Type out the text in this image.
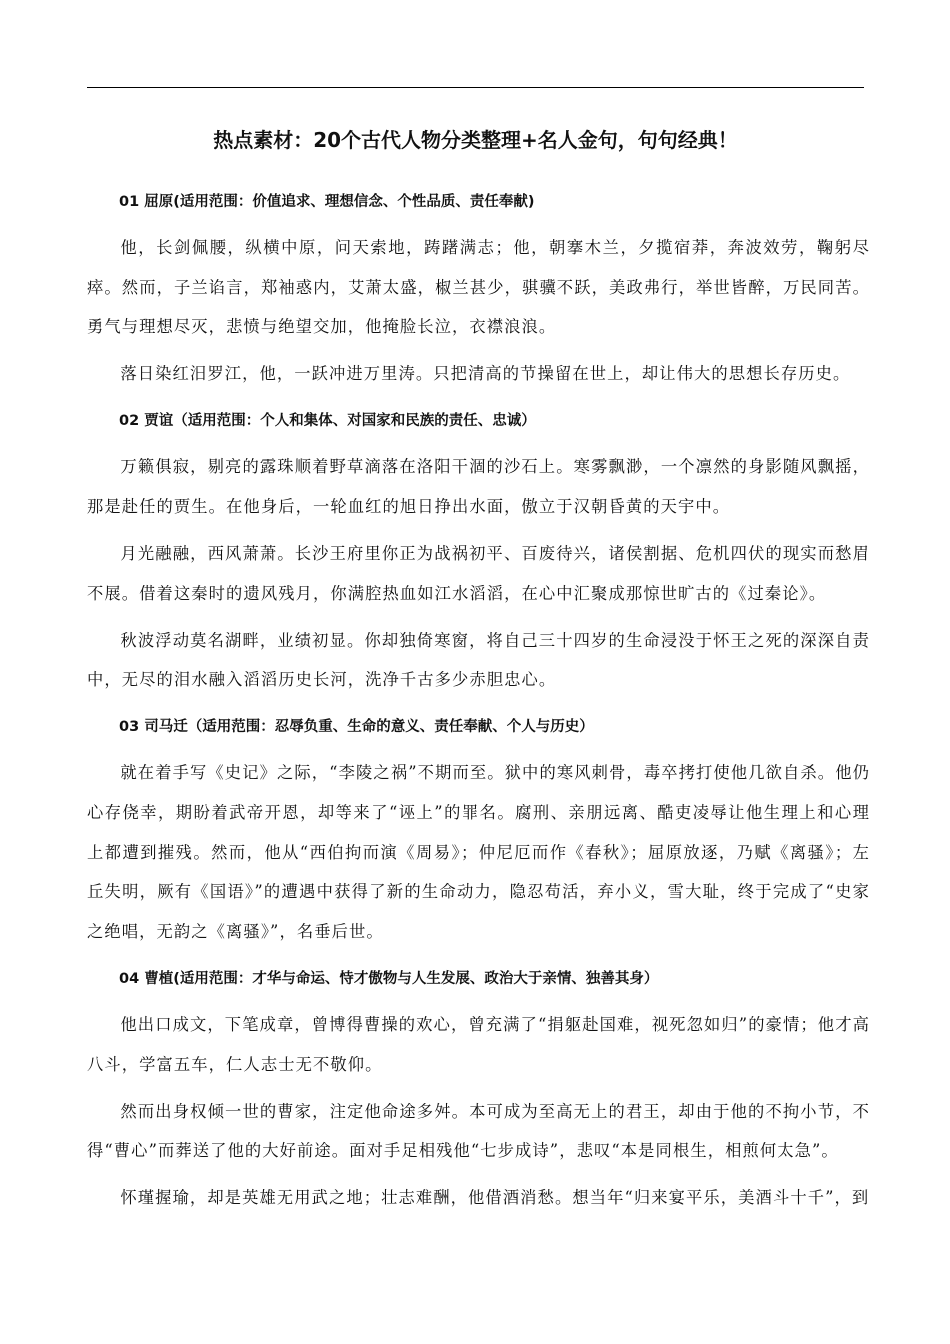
热点素材：20个古代人物分类整理+名人金句，句句经典！
01 屈原(适用范围：价值追求、理想信念、个性品质、责任奉献)

他，长剑佩腰，纵横中原，问天索地，踌躇满志；他，朝搴木兰，夕揽宿莽，奔波效劳，鞠躬尽瘁。然而，子兰谄言，郑袖惑内，艾萧太盛，椒兰甚少，骐骥不跃，美政弗行，举世皆醉，万民同苦。勇气与理想尽灭，悲愤与绝望交加，他掩脸长泣，衣襟浪浪。

落日染红汨罗江，他，一跃冲进万里涛。只把清高的节操留在世上，却让伟大的思想长存历史。

02 贾谊（适用范围：个人和集体、对国家和民族的责任、忠诚）

万籁俱寂，剔亮的露珠顺着野草滴落在洛阳干涸的沙石上。寒雾飘渺，一个凛然的身影随风飘摇，那是赴任的贾生。在他身后，一轮血红的旭日挣出水面，傲立于汉朝昏黄的天宇中。

月光融融，西风萧萧。长沙王府里你正为战祸初平、百废待兴，诸侯割据、危机四伏的现实而愁眉不展。借着这秦时的遗风残月，你满腔热血如江水滔滔，在心中汇聚成那惊世旷古的《过秦论》。

秋波浮动莫名湖畔，业绩初显。你却独倚寒窗，将自己三十四岁的生命浸没于怀王之死的深深自责中，无尽的泪水融入滔滔历史长河，洗净千古多少赤胆忠心。

03 司马迁（适用范围：忍辱负重、生命的意义、责任奉献、个人与历史）

就在着手写《史记》之际，“李陵之祸”不期而至。狱中的寒风刺骨，毒卒拷打使他几欲自杀。他仍心存侥幸，期盼着武帝开恩，却等来了“诬上”的罪名。腐刑、亲朋远离、酷吏凌辱让他生理上和心理上都遭到摧残。然而，他从“西伯拘而演《周易》；仲尼厄而作《春秋》；屈原放逐，乃赋《离骚》；左丘失明，厥有《国语》”的遭遇中获得了新的生命动力，隐忍苟活，弃小义，雪大耻，终于完成了“史家之绝唱，无韵之《离骚》”，名垂后世。

04 曹植(适用范围：才华与命运、恃才傲物与人生发展、政治大于亲情、独善其身）

他出口成文，下笔成章，曾博得曹操的欢心，曾充满了“捐躯赴国难，视死忽如归”的豪情；他才高八斗，学富五车，仁人志士无不敬仰。

然而出身权倾一世的曹家，注定他命途多舛。本可成为至高无上的君王，却由于他的不拘小节，不得“曹心”而葬送了他的大好前途。面对手足相残他“七步成诗”，悲叹“本是同根生，相煎何太急”。

怀瑾握瑜，却是英雄无用武之地；壮志难酬，他借酒消愁。想当年“归来宴平乐，美酒斗十千”，到
